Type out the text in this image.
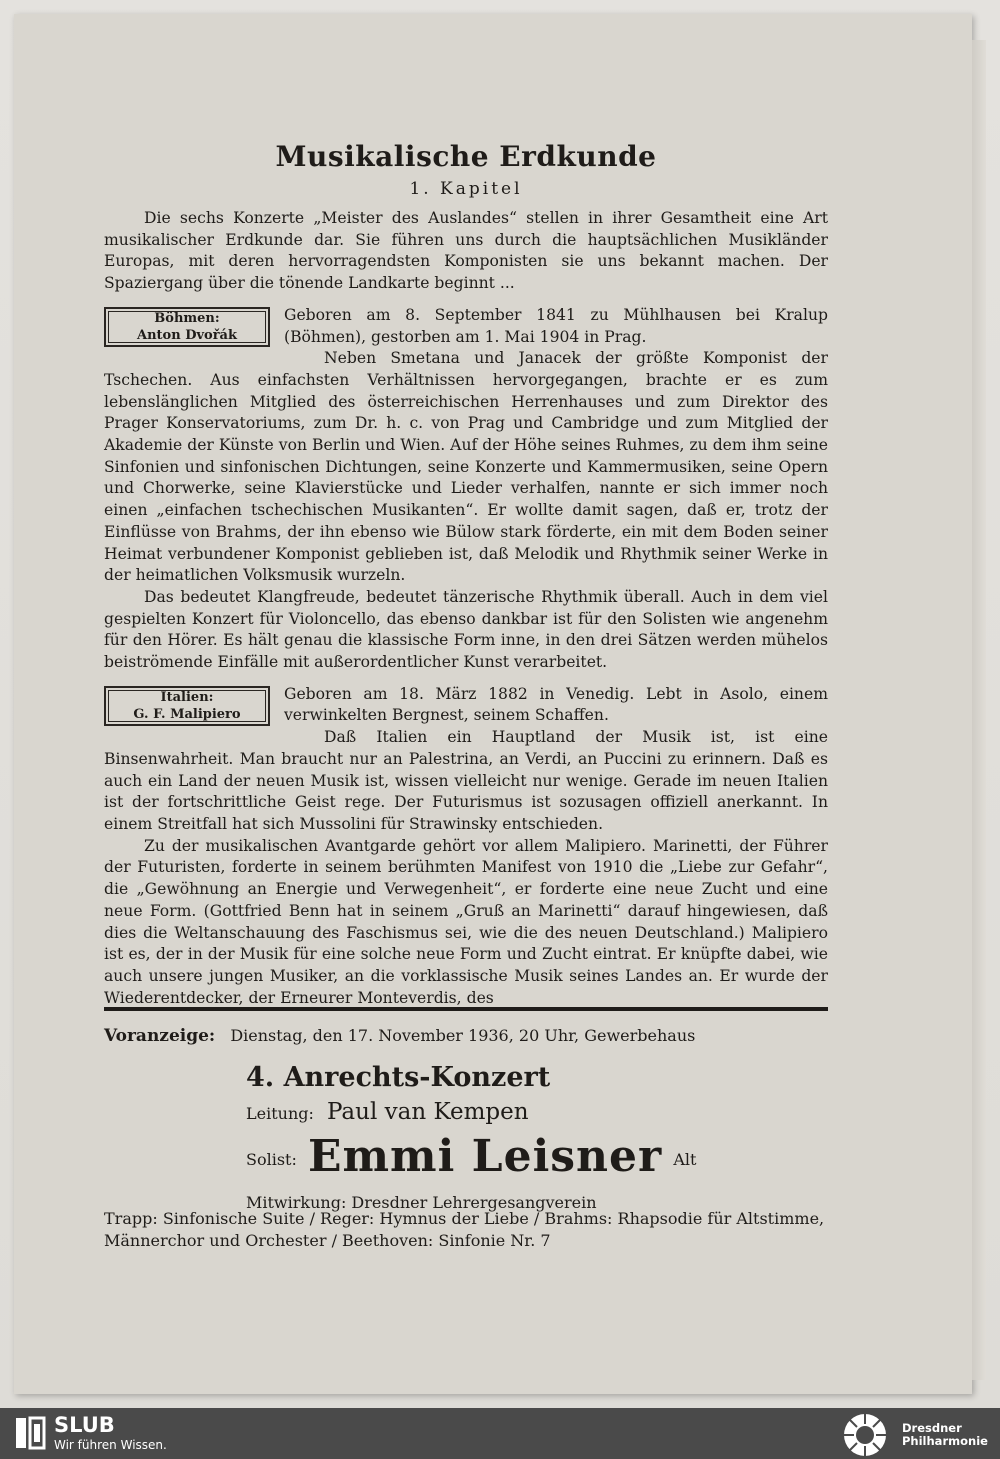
Musikalische Erdkunde
1. Kapitel

Die sechs Konzerte „Meister des Auslandes“ stellen in ihrer Gesamtheit eine Art musikalischer Erdkunde dar. Sie führen uns durch die hauptsächlichen Musikländer Europas, mit deren hervorragendsten Komponisten sie uns bekannt machen. Der Spaziergang über die tönende Landkarte beginnt ...

Böhmen:
Anton Dvořák

Geboren am 8. September 1841 zu Mühlhausen bei Kralup (Böhmen), gestorben am 1. Mai 1904 in Prag.

Neben Smetana und Janacek der größte Komponist der Tschechen. Aus einfachsten Verhältnissen hervorgegangen, brachte er es zum lebenslänglichen Mitglied des österreichischen Herrenhauses und zum Direktor des Prager Konservatoriums, zum Dr. h. c. von Prag und Cambridge und zum Mitglied der Akademie der Künste von Berlin und Wien. Auf der Höhe seines Ruhmes, zu dem ihm seine Sinfonien und sinfonischen Dichtungen, seine Konzerte und Kammermusiken, seine Opern und Chorwerke, seine Klavierstücke und Lieder verhalfen, nannte er sich immer noch einen „einfachen tschechischen Musikanten“. Er wollte damit sagen, daß er, trotz der Einflüsse von Brahms, der ihn ebenso wie Bülow stark förderte, ein mit dem Boden seiner Heimat verbundener Komponist geblieben ist, daß Melodik und Rhythmik seiner Werke in der heimatlichen Volksmusik wurzeln.

Das bedeutet Klangfreude, bedeutet tänzerische Rhythmik überall. Auch in dem viel gespielten Konzert für Violoncello, das ebenso dankbar ist für den Solisten wie angenehm für den Hörer. Es hält genau die klassische Form inne, in den drei Sätzen werden mühelos beiströmende Einfälle mit außerordentlicher Kunst verarbeitet.

Italien:
G. F. Malipiero

Geboren am 18. März 1882 in Venedig. Lebt in Asolo, einem verwinkelten Bergnest, seinem Schaffen.

Daß Italien ein Hauptland der Musik ist, ist eine Binsenwahrheit. Man braucht nur an Palestrina, an Verdi, an Puccini zu erinnern. Daß es auch ein Land der neuen Musik ist, wissen vielleicht nur wenige. Gerade im neuen Italien ist der fortschrittliche Geist rege. Der Futurismus ist sozusagen offiziell anerkannt. In einem Streitfall hat sich Mussolini für Strawinsky entschieden.

Zu der musikalischen Avantgarde gehört vor allem Malipiero. Marinetti, der Führer der Futuristen, forderte in seinem berühmten Manifest von 1910 die „Liebe zur Gefahr“, die „Gewöhnung an Energie und Verwegenheit“, er forderte eine neue Zucht und eine neue Form. (Gottfried Benn hat in seinem „Gruß an Marinetti“ darauf hingewiesen, daß dies die Weltanschauung des Faschismus sei, wie die des neuen Deutschland.) Malipiero ist es, der in der Musik für eine solche neue Form und Zucht eintrat. Er knüpfte dabei, wie auch unsere jungen Musiker, an die vorklassische Musik seines Landes an. Er wurde der Wiederentdecker, der Erneurer Monteverdis, des

Voranzeige: Dienstag, den 17. November 1936, 20 Uhr, Gewerbehaus
4. Anrechts-Konzert
Leitung: Paul van Kempen
Solist: Emmi Leisner Alt
Mitwirkung: Dresdner Lehrergesangverein
Trapp: Sinfonische Suite / Reger: Hymnus der Liebe / Brahms: Rhapsodie für Altstimme, Männerchor und Orchester / Beethoven: Sinfonie Nr. 7
SLUB
Wir führen Wissen.
Dresdner
Philharmonie
